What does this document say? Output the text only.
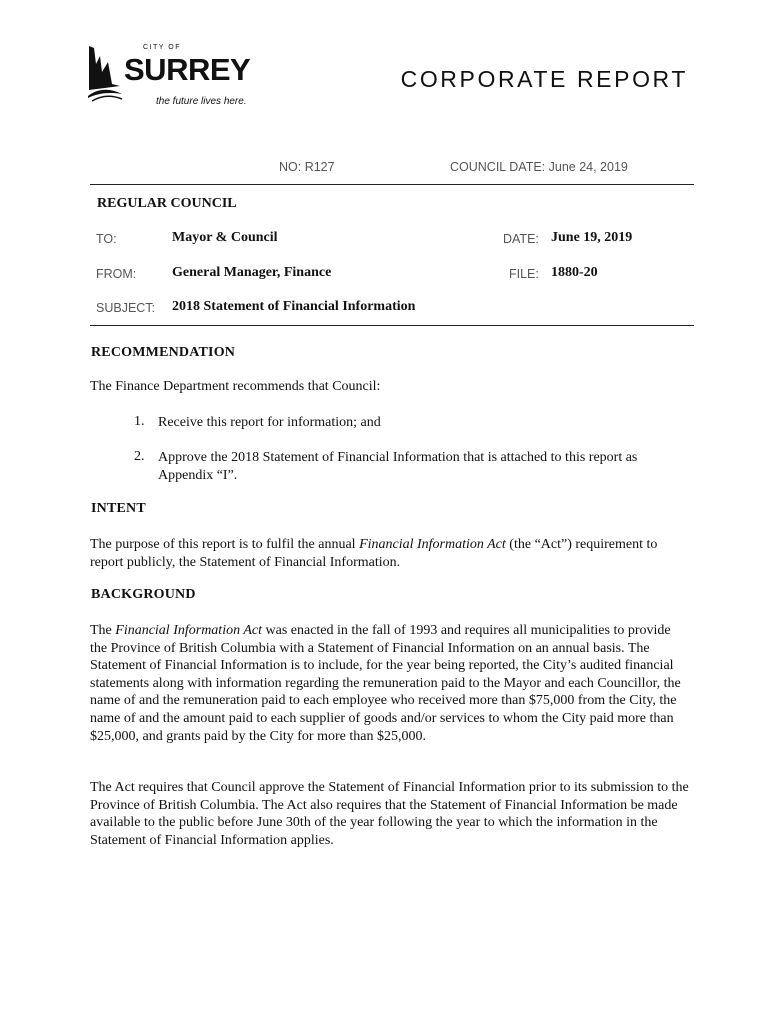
CITY OF
SURREY
the future lives here.
CORPORATE REPORT
NO: R127	COUNCIL DATE: June 24, 2019
REGULAR COUNCIL
TO:	Mayor & Council	DATE: June 19, 2019
FROM:	General Manager, Finance	FILE: 1880-20
SUBJECT: 2018 Statement of Financial Information
RECOMMENDATION
The Finance Department recommends that Council:
1. Receive this report for information; and
2. Approve the 2018 Statement of Financial Information that is attached to this report as Appendix “I”.
INTENT
The purpose of this report is to fulfil the annual Financial Information Act (the “Act”) requirement to report publicly, the Statement of Financial Information.
BACKGROUND
The Financial Information Act was enacted in the fall of 1993 and requires all municipalities to provide the Province of British Columbia with a Statement of Financial Information on an annual basis. The Statement of Financial Information is to include, for the year being reported, the City’s audited financial statements along with information regarding the remuneration paid to the Mayor and each Councillor, the name of and the remuneration paid to each employee who received more than $75,000 from the City, the name of and the amount paid to each supplier of goods and/or services to whom the City paid more than $25,000, and grants paid by the City for more than $25,000.
The Act requires that Council approve the Statement of Financial Information prior to its submission to the Province of British Columbia. The Act also requires that the Statement of Financial Information be made available to the public before June 30th of the year following the year to which the information in the Statement of Financial Information applies.
